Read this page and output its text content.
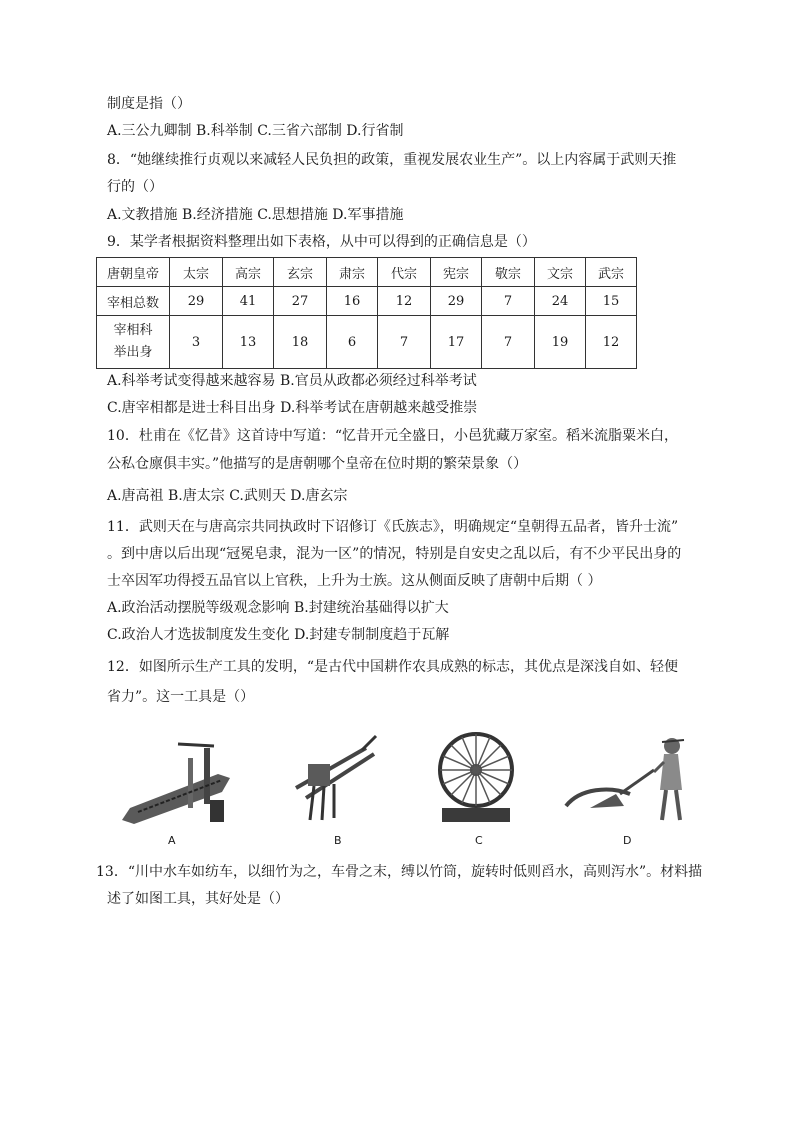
制度是指（）
A.三公九卿制 B.科举制 C.三省六部制 D.行省制
8．“她继续推行贞观以来减轻人民负担的政策，重视发展农业生产”。以上内容属于武则天推
行的（）
A.文教措施 B.经济措施 C.思想措施 D.军事措施
9．某学者根据资料整理出如下表格，从中可以得到的正确信息是（）
唐朝皇帝	太宗	高宗	玄宗	肃宗	代宗	宪宗	敬宗	文宗	武宗
宰相总数	29	41	27	16	12	29	7	24	15

宰相科
举出身	3	13	18	6	7	17	7	19	12
A.科举考试变得越来越容易 B.官员从政都必须经过科举考试
C.唐宰相都是进士科目出身 D.科举考试在唐朝越来越受推崇
10．杜甫在《忆昔》这首诗中写道：“忆昔开元全盛日，小邑犹藏万家室。稻米流脂粟米白，
公私仓廪俱丰实。”他描写的是唐朝哪个皇帝在位时期的繁荣景象（）
A.唐高祖 B.唐太宗 C.武则天 D.唐玄宗
11．武则天在与唐高宗共同执政时下诏修订《氏族志》，明确规定“皇朝得五品者，皆升士流”
。到中唐以后出现“冠冕皂隶，混为一区”的情况，特别是自安史之乱以后，有不少平民出身的
士卒因军功得授五品官以上官秩，上升为士族。这从侧面反映了唐朝中后期（ ）
A.政治活动摆脱等级观念影响 B.封建统治基础得以扩大
C.政治人才选拔制度发生变化 D.封建专制制度趋于瓦解
12．如图所示生产工具的发明，“是古代中国耕作农具成熟的标志，其优点是深浅自如、轻便
省力”。这一工具是（）
A	B	C	D
13．“川中水车如纺车，以细竹为之，车骨之末，缚以竹筒，旋转时低则舀水，高则泻水”。材料描
述了如图工具，其好处是（）
